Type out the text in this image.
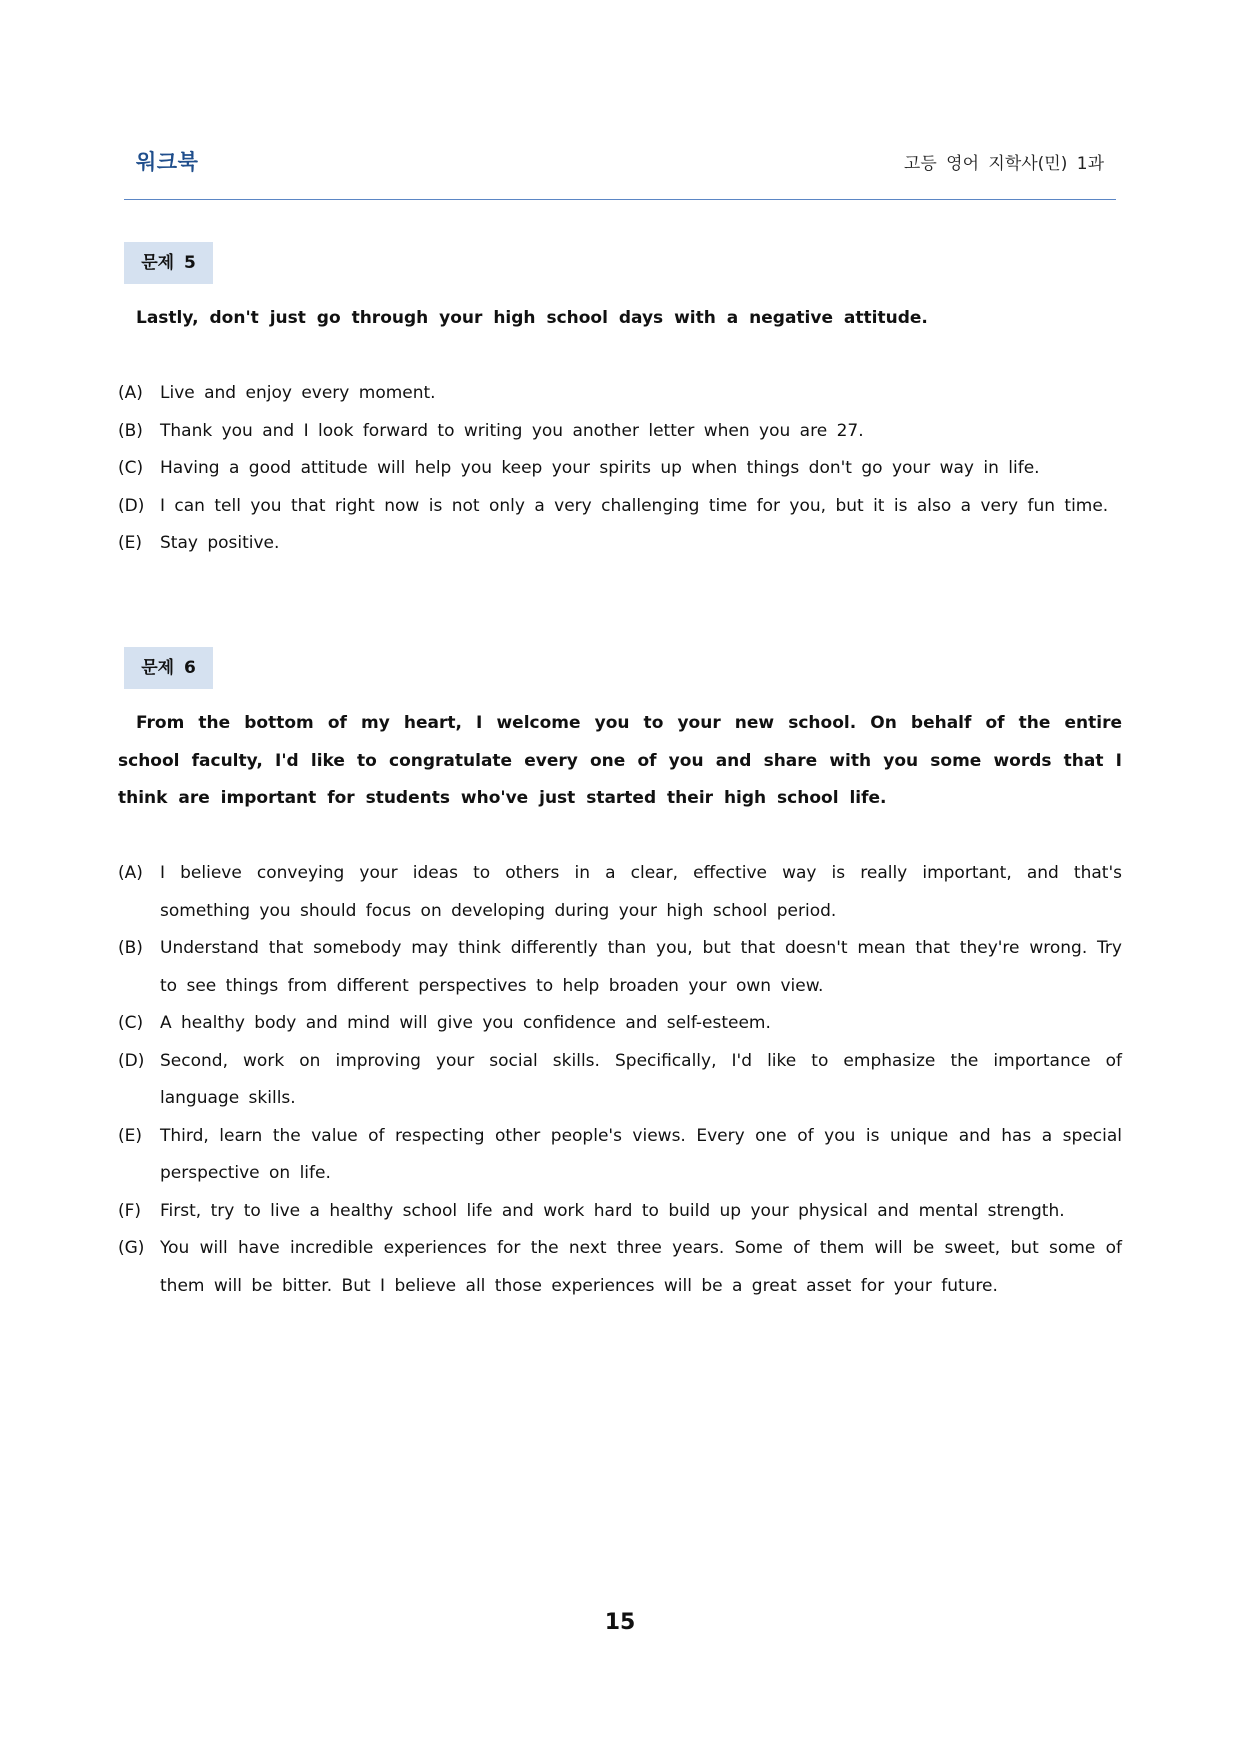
워크북	고등 영어 지학사(민) 1과
문제 5
Lastly, don't just go through your high school days with a negative attitude.
(A) Live and enjoy every moment.
(B) Thank you and I look forward to writing you another letter when you are 27.
(C) Having a good attitude will help you keep your spirits up when things don't go your way in life.
(D) I can tell you that right now is not only a very challenging time for you, but it is also a very fun time.
(E) Stay positive.
문제 6
From the bottom of my heart, I welcome you to your new school. On behalf of the entire school faculty, I'd like to congratulate every one of you and share with you some words that I think are important for students who've just started their high school life.
(A) I believe conveying your ideas to others in a clear, effective way is really important, and that's something you should focus on developing during your high school period.
(B) Understand that somebody may think differently than you, but that doesn't mean that they're wrong. Try to see things from different perspectives to help broaden your own view.
(C) A healthy body and mind will give you confidence and self-esteem.
(D) Second, work on improving your social skills. Specifically, I'd like to emphasize the importance of language skills.
(E) Third, learn the value of respecting other people's views. Every one of you is unique and has a special perspective on life.
(F) First, try to live a healthy school life and work hard to build up your physical and mental strength.
(G) You will have incredible experiences for the next three years. Some of them will be sweet, but some of them will be bitter. But I believe all those experiences will be a great asset for your future.
15
